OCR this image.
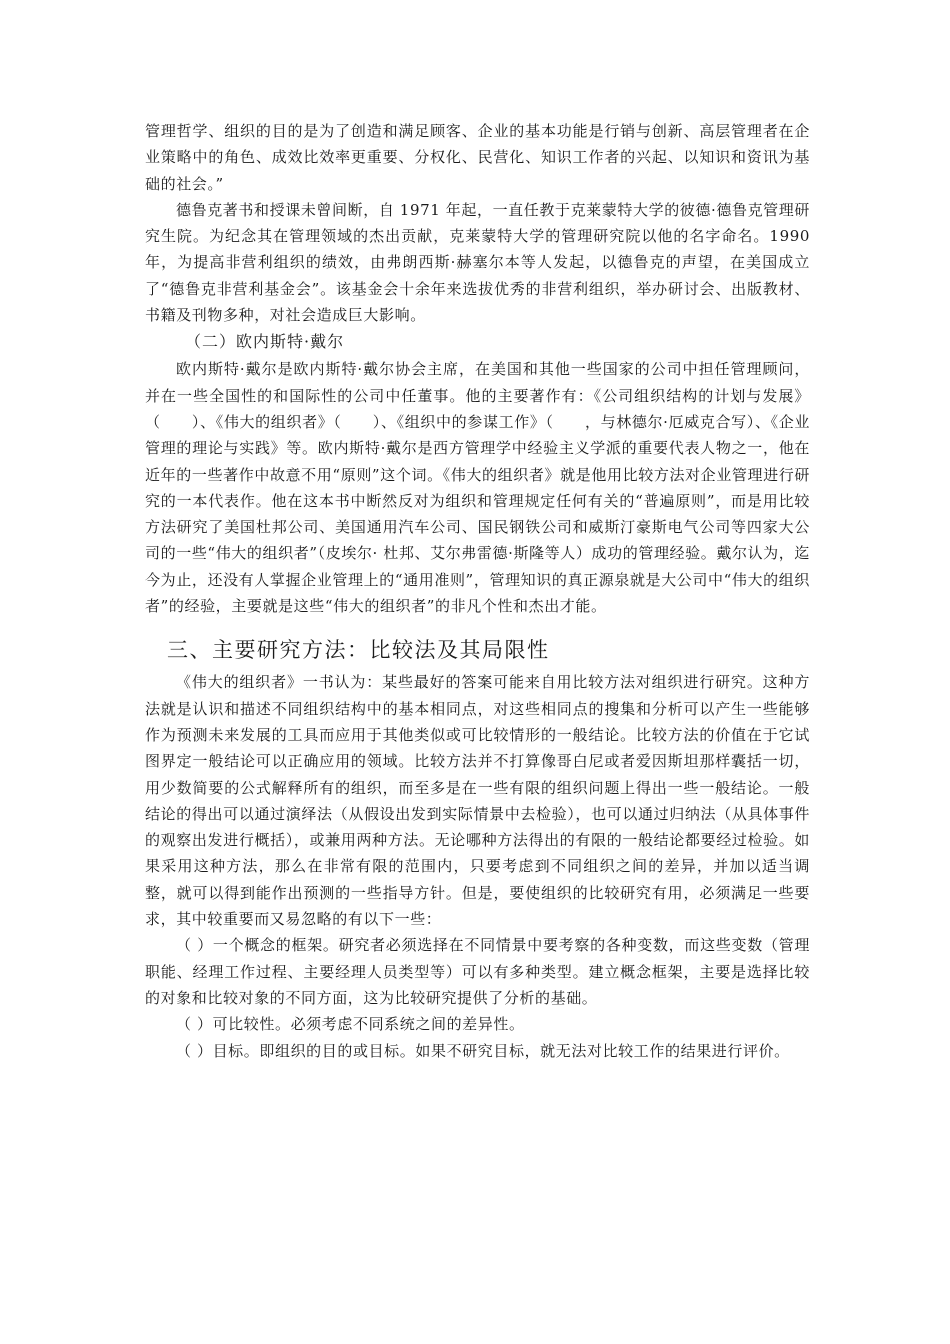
管理哲学、组织的目的是为了创造和满足顾客、企业的基本功能是行销与创新、高层管理者在企业策略中的角色、成效比效率更重要、分权化、民营化、知识工作者的兴起、以知识和资讯为基础的社会。”

德鲁克著书和授课未曾间断，自 1971 年起，一直任教于克莱蒙特大学的彼德·德鲁克管理研究生院。为纪念其在管理领域的杰出贡献，克莱蒙特大学的管理研究院以他的名字命名。1990 年，为提高非营利组织的绩效，由弗朗西斯·赫塞尔本等人发起，以德鲁克的声望，在美国成立了“德鲁克非营利基金会”。该基金会十余年来选拔优秀的非营利组织，举办研讨会、出版教材、书籍及刊物多种，对社会造成巨大影响。

（二）欧内斯特·戴尔

欧内斯特·戴尔是欧内斯特·戴尔协会主席，在美国和其他一些国家的公司中担任管理顾问，并在一些全国性的和国际性的公司中任董事。他的主要著作有：《公司组织结构的计划与发展》（　　）、《伟大的组织者》（　　）、《组织中的参谋工作》（　　，与林德尔·厄威克合写）、《企业管理的理论与实践》等。欧内斯特·戴尔是西方管理学中经验主义学派的重要代表人物之一，他在近年的一些著作中故意不用“原则”这个词。《伟大的组织者》就是他用比较方法对企业管理进行研究的一本代表作。他在这本书中断然反对为组织和管理规定任何有关的“普遍原则”，而是用比较方法研究了美国杜邦公司、美国通用汽车公司、国民钢铁公司和威斯汀豪斯电气公司等四家大公司的一些“伟大的组织者”（皮埃尔· 杜邦、艾尔弗雷德·斯隆等人）成功的管理经验。戴尔认为，迄今为止，还没有人掌握企业管理上的“通用准则”，管理知识的真正源泉就是大公司中“伟大的组织者”的经验，主要就是这些“伟大的组织者”的非凡个性和杰出才能。

三、主要研究方法：比较法及其局限性

《伟大的组织者》一书认为：某些最好的答案可能来自用比较方法对组织进行研究。这种方法就是认识和描述不同组织结构中的基本相同点，对这些相同点的搜集和分析可以产生一些能够作为预测未来发展的工具而应用于其他类似或可比较情形的一般结论。比较方法的价值在于它试图界定一般结论可以正确应用的领域。比较方法并不打算像哥白尼或者爱因斯坦那样囊括一切，用少数简要的公式解释所有的组织，而至多是在一些有限的组织问题上得出一些一般结论。一般结论的得出可以通过演绎法（从假设出发到实际情景中去检验），也可以通过归纳法（从具体事件的观察出发进行概括），或兼用两种方法。无论哪种方法得出的有限的一般结论都要经过检验。如果采用这种方法，那么在非常有限的范围内，只要考虑到不同组织之间的差异，并加以适当调整，就可以得到能作出预测的一些指导方针。但是，要使组织的比较研究有用，必须满足一些要求，其中较重要而又易忽略的有以下一些：

（ ）一个概念的框架。研究者必须选择在不同情景中要考察的各种变数，而这些变数（管理职能、经理工作过程、主要经理人员类型等）可以有多种类型。建立概念框架，主要是选择比较的对象和比较对象的不同方面，这为比较研究提供了分析的基础。

（ ）可比较性。必须考虑不同系统之间的差异性。

（ ）目标。即组织的目的或目标。如果不研究目标，就无法对比较工作的结果进行评价。
